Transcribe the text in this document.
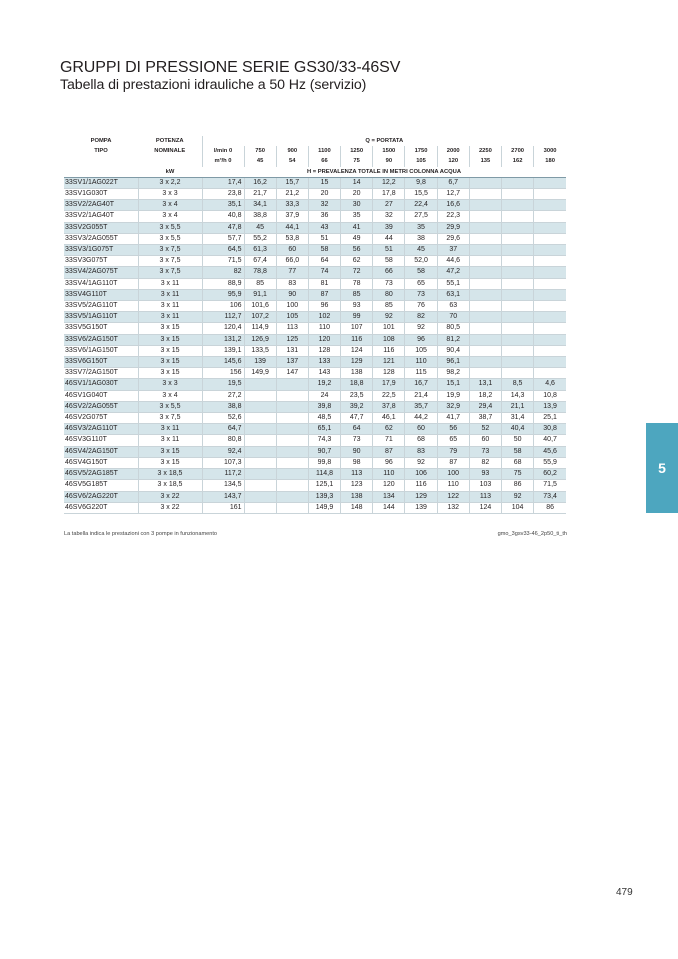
GRUPPI DI PRESSIONE SERIE GS30/33-46SV
Tabella di prestazioni idrauliche a 50 Hz (servizio)
POMPA	POTENZA	Q = PORTATA										
TIPO	NOMINALE	l/min 0	750	900	1100	1250	1500	1750	2000	2250	2700	3000
		m³/h 0	45	54	66	75	90	105	120	135	162	180
	kW	H = PREVALENZA TOTALE IN METRI COLONNA ACQUA										
33SV1/1AG022T	3 x 2,2	17,4	16,2	15,7	15	14	12,2	9,8	6,7			
33SV1G030T	3 x 3	23,8	21,7	21,2	20	20	17,8	15,5	12,7			
33SV2/2AG40T	3 x 4	35,1	34,1	33,3	32	30	27	22,4	16,6			
33SV2/1AG40T	3 x 4	40,8	38,8	37,9	36	35	32	27,5	22,3			
33SV2G055T	3 x 5,5	47,8	45	44,1	43	41	39	35	29,9			
33SV3/2AG055T	3 x 5,5	57,7	55,2	53,8	51	49	44	38	29,6			
33SV3/1G075T	3 x 7,5	64,5	61,3	60	58	56	51	45	37			
33SV3G075T	3 x 7,5	71,5	67,4	66,0	64	62	58	52,0	44,6			
33SV4/2AG075T	3 x 7,5	82	78,8	77	74	72	66	58	47,2			
33SV4/1AG110T	3 x 11	88,9	85	83	81	78	73	65	55,1			
33SV4G110T	3 x 11	95,9	91,1	90	87	85	80	73	63,1			
33SV5/2AG110T	3 x 11	106	101,6	100	96	93	85	76	63			
33SV5/1AG110T	3 x 11	112,7	107,2	105	102	99	92	82	70			
33SV5G150T	3 x 15	120,4	114,9	113	110	107	101	92	80,5			
33SV6/2AG150T	3 x 15	131,2	126,9	125	120	116	108	96	81,2			
33SV6/1AG150T	3 x 15	139,1	133,5	131	128	124	116	105	90,4			
33SV6G150T	3 x 15	145,6	139	137	133	129	121	110	96,1			
33SV7/2AG150T	3 x 15	156	149,9	147	143	138	128	115	98,2			
46SV1/1AG030T	3 x 3	19,5			19,2	18,8	17,9	16,7	15,1	13,1	8,5	4,6
46SV1G040T	3 x 4	27,2			24	23,5	22,5	21,4	19,9	18,2	14,3	10,8
46SV2/2AG055T	3 x 5,5	38,8			39,8	39,2	37,8	35,7	32,9	29,4	21,1	13,9
46SV2G075T	3 x 7,5	52,6			48,5	47,7	46,1	44,2	41,7	38,7	31,4	25,1
46SV3/2AG110T	3 x 11	64,7			65,1	64	62	60	56	52	40,4	30,8
46SV3G110T	3 x 11	80,8			74,3	73	71	68	65	60	50	40,7
46SV4/2AG150T	3 x 15	92,4			90,7	90	87	83	79	73	58	45,6
46SV4G150T	3 x 15	107,3			99,8	98	96	92	87	82	68	55,9
46SV5/2AG185T	3 x 18,5	117,2			114,8	113	110	106	100	93	75	60,2
46SV5G185T	3 x 18,5	134,5			125,1	123	120	116	110	103	86	71,5
46SV6/2AG220T	3 x 22	143,7			139,3	138	134	129	122	113	92	73,4
46SV6G220T	3 x 22	161			149,9	148	144	139	132	124	104	86
La tabella indica le prestazioni con 3 pompe in funzionamento	gmo_3gsv33-46_2p50_ti_th
5
479
